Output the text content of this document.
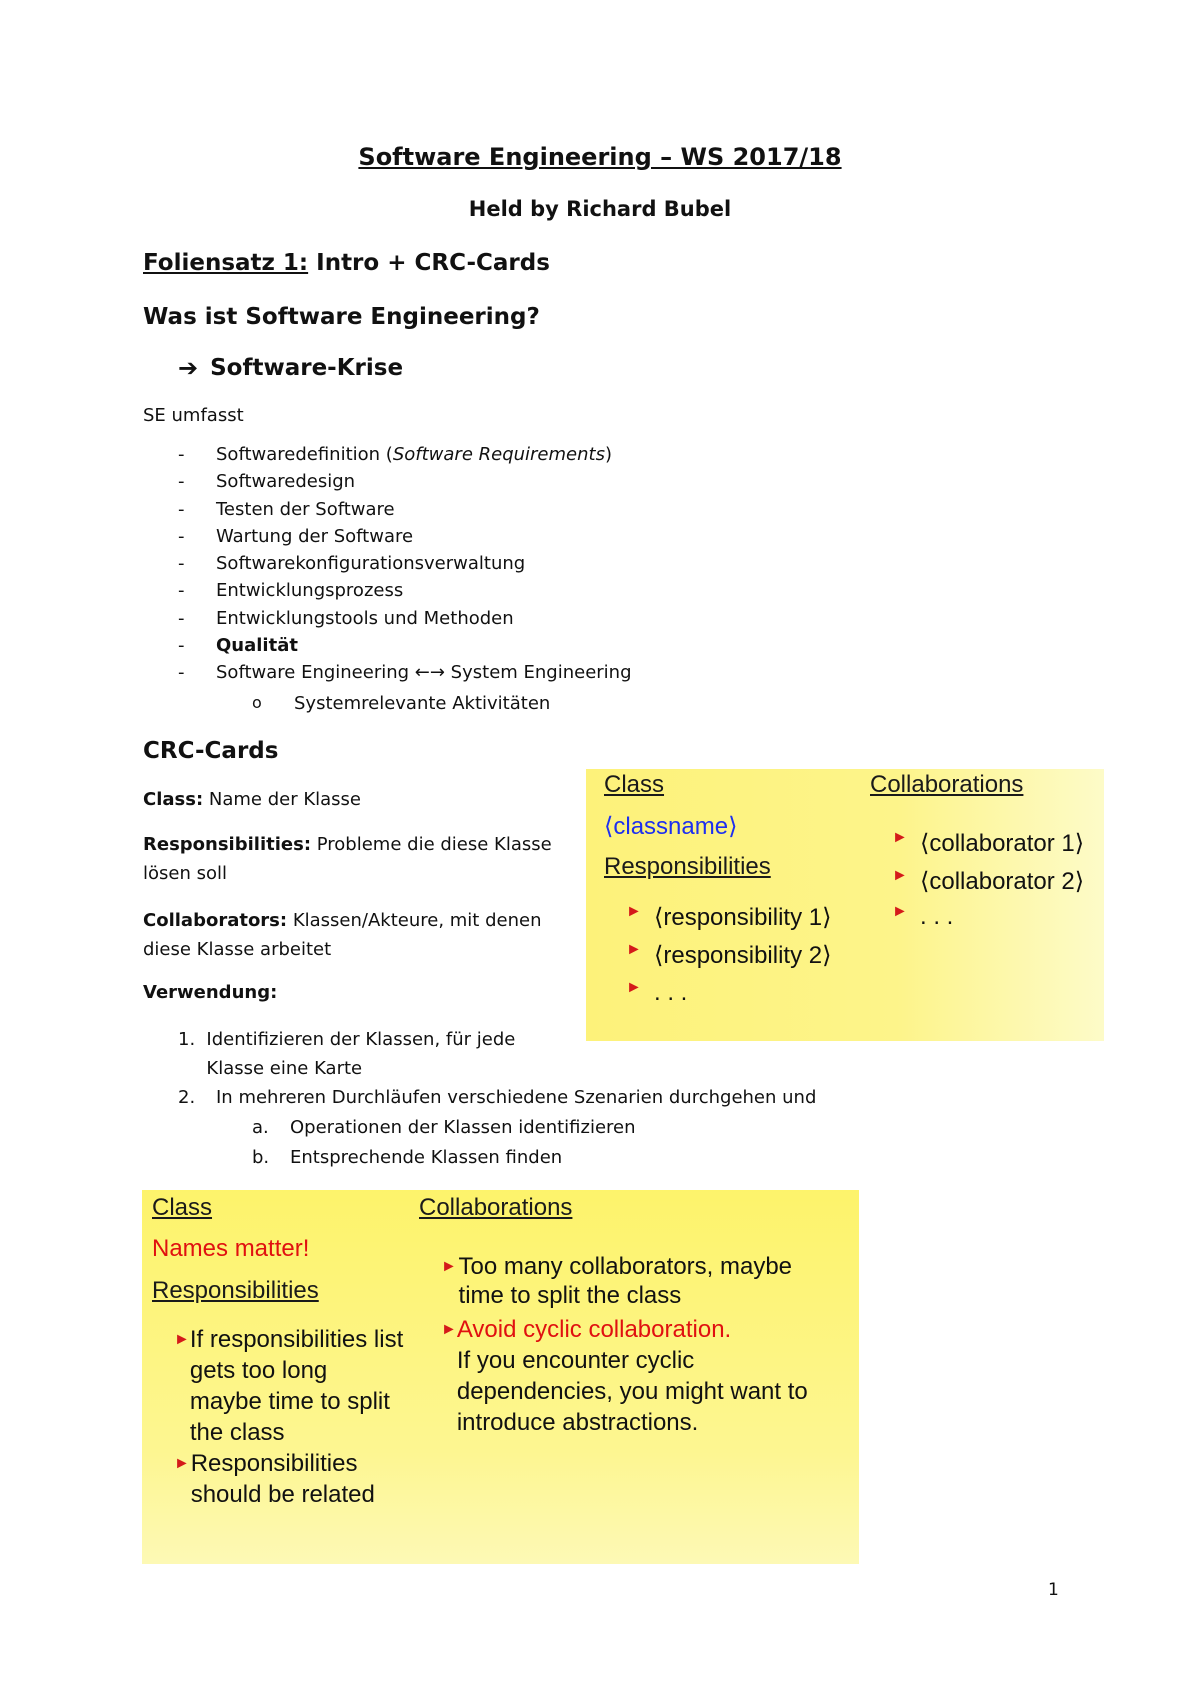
Software Engineering – WS 2017/18
Held by Richard Bubel
Foliensatz 1: Intro + CRC-Cards
Was ist Software Engineering?
➔ Software-Krise
SE umfasst
-	Softwaredefinition (Software Requirements)
-	Softwaredesign
-	Testen der Software
-	Wartung der Software
-	Softwarekonfigurationsverwaltung
-	Entwicklungsprozess
-	Entwicklungstools und Methoden
-	Qualität
-	Software Engineering ←→ System Engineering
o	Systemrelevante Aktivitäten
CRC-Cards
Class: Name der Klasse
Responsibilities: Probleme die diese Klasse lösen soll
Collaborators: Klassen/Akteure, mit denen diese Klasse arbeitet
Verwendung:
1. Identifizieren der Klassen, für jede Klasse eine Karte
2.	In mehreren Durchläufen verschiedene Szenarien durchgehen und
a.	Operationen der Klassen identifizieren
b.	Entsprechende Klassen finden
Class
⟨classname⟩
Responsibilities
► ⟨responsibility 1⟩
► ⟨responsibility 2⟩
► . . .
Collaborations
► ⟨collaborator 1⟩
► ⟨collaborator 2⟩
► . . .
Class
Names matter!
Responsibilities
► If responsibilities list gets too long maybe time to split the class
► Responsibilities should be related
Collaborations
► Too many collaborators, maybe time to split the class
► Avoid cyclic collaboration.
If you encounter cyclic dependencies, you might want to introduce abstractions.
1
